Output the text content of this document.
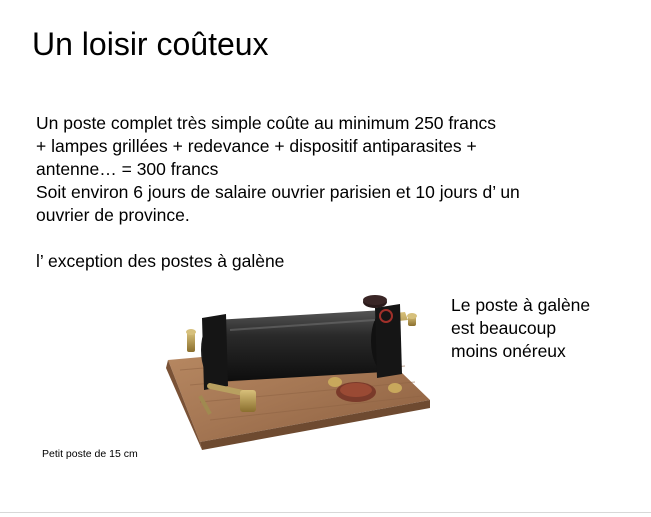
Un loisir coûteux
Un poste complet très simple coûte au minimum 250 francs
+ lampes grillées + redevance + dispositif antiparasites +
antenne… = 300 francs
Soit environ 6 jours de salaire ouvrier parisien et 10 jours d’ un
ouvrier de province.
l’ exception des postes à galène
Le poste à galène
est beaucoup
moins onéreux
Petit poste de 15 cm
